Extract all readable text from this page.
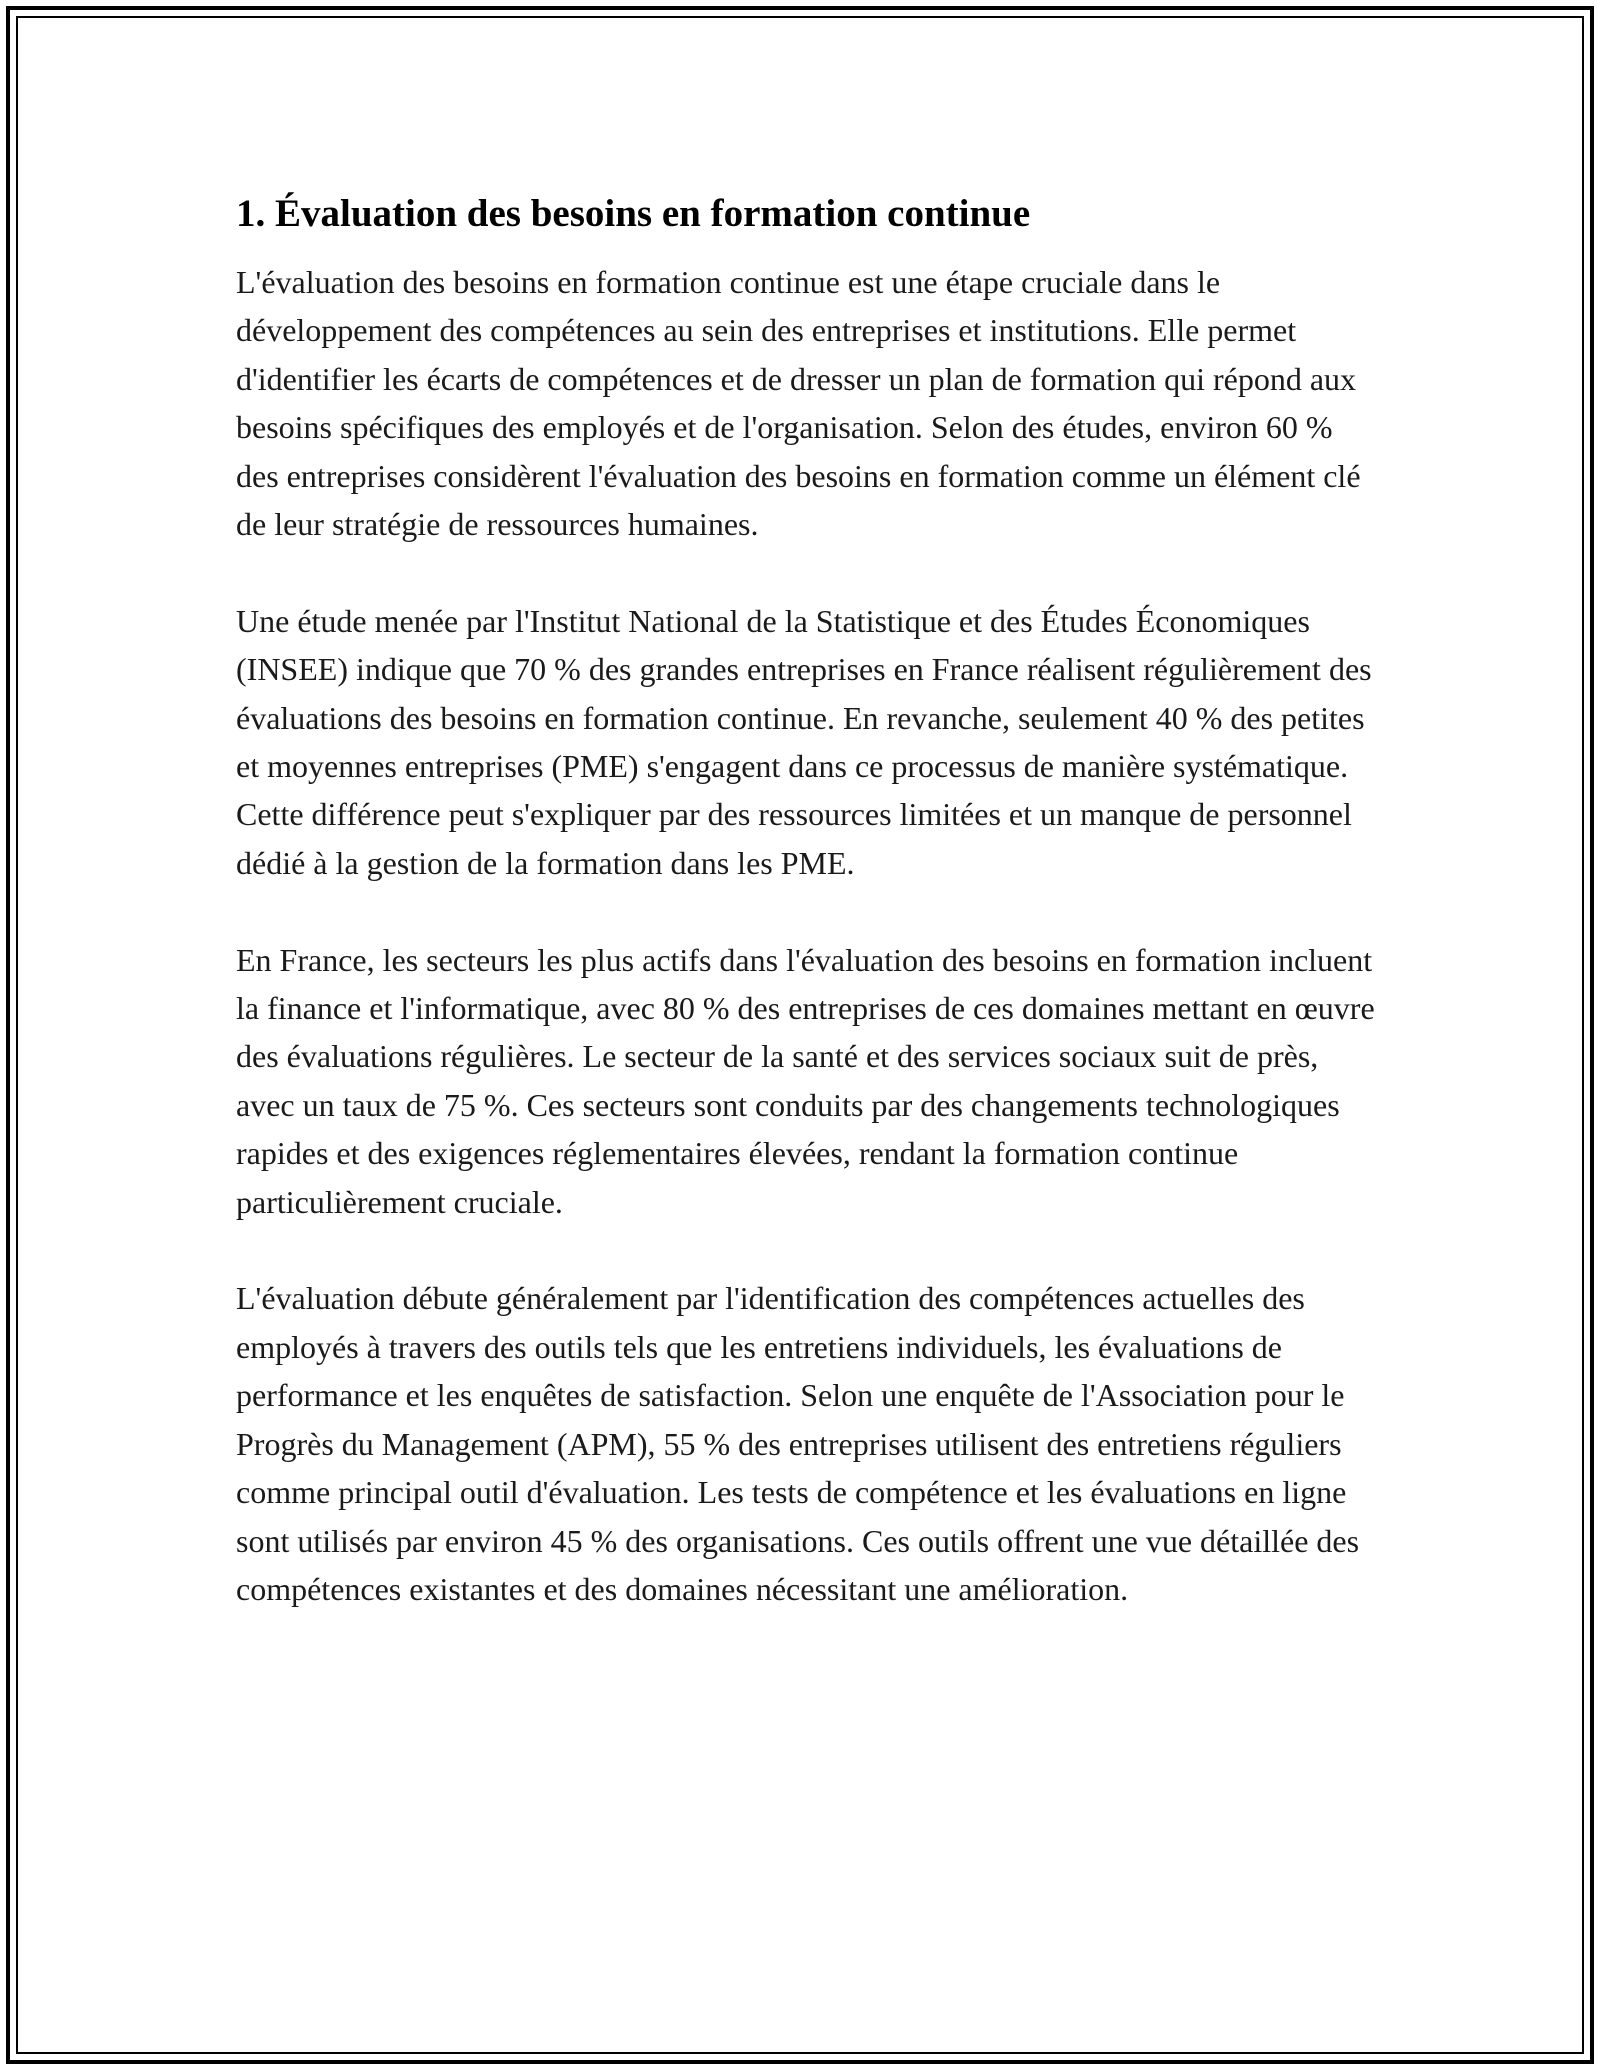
1. Évaluation des besoins en formation continue

L'évaluation des besoins en formation continue est une étape cruciale dans le développement des compétences au sein des entreprises et institutions. Elle permet d'identifier les écarts de compétences et de dresser un plan de formation qui répond aux besoins spécifiques des employés et de l'organisation. Selon des études, environ 60 % des entreprises considèrent l'évaluation des besoins en formation comme un élément clé de leur stratégie de ressources humaines.

Une étude menée par l'Institut National de la Statistique et des Études Économiques (INSEE) indique que 70 % des grandes entreprises en France réalisent régulièrement des évaluations des besoins en formation continue. En revanche, seulement 40 % des petites et moyennes entreprises (PME) s'engagent dans ce processus de manière systématique. Cette différence peut s'expliquer par des ressources limitées et un manque de personnel dédié à la gestion de la formation dans les PME.

En France, les secteurs les plus actifs dans l'évaluation des besoins en formation incluent la finance et l'informatique, avec 80 % des entreprises de ces domaines mettant en œuvre des évaluations régulières. Le secteur de la santé et des services sociaux suit de près, avec un taux de 75 %. Ces secteurs sont conduits par des changements technologiques rapides et des exigences réglementaires élevées, rendant la formation continue particulièrement cruciale.

L'évaluation débute généralement par l'identification des compétences actuelles des employés à travers des outils tels que les entretiens individuels, les évaluations de performance et les enquêtes de satisfaction. Selon une enquête de l'Association pour le Progrès du Management (APM), 55 % des entreprises utilisent des entretiens réguliers comme principal outil d'évaluation. Les tests de compétence et les évaluations en ligne sont utilisés par environ 45 % des organisations. Ces outils offrent une vue détaillée des compétences existantes et des domaines nécessitant une amélioration.
